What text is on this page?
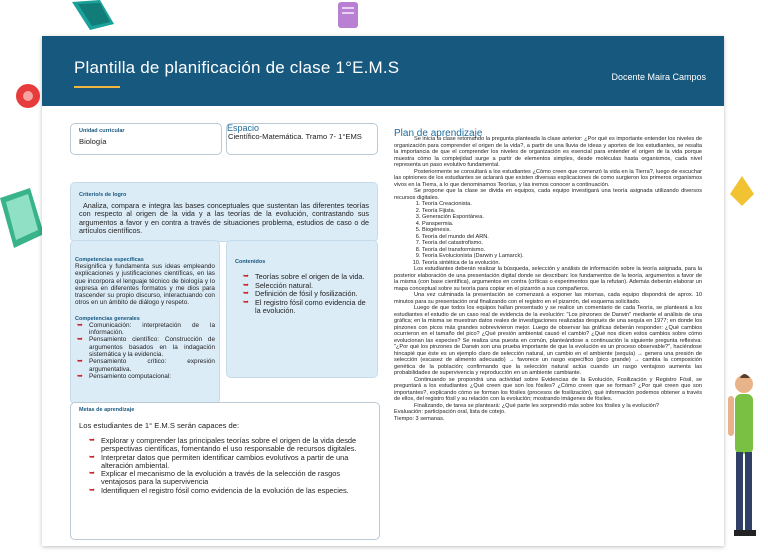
Plantilla de planificación de clase 1°E.M.S	Docente Maira Campos
Unidad curricular
Biología
Espacio
Científico-Matemática. Tramo 7- 1°EMS
Criterio/s de logro
Analiza, compara e integra las bases conceptuales que sustentan las diferentes teorías con respecto al origen de la vida y a las teorías de la evolución, contrastando sus argumentos a favor y en contra a través de situaciones problema, estudios de caso o de artículos científicos.
Competencias específicas
Resignifica y fundamenta sus ideas empleando explicaciones y justificaciones científicas, en las que incorpora el lenguaje técnico de biología y lo expresa en diferentes formatos y me dios para trascender su propio discurso, interactuando con otros en un ámbito de diálogo y respeto.
Competencias generales
➥ Comunicación: interpretación de la información.
➥ Pensamiento científico: Construcción de argumentos basados en la indagación sistemática y la evidencia.
➥ Pensamiento crítico: expresión argumentativa.
➥ Pensamiento computacional:
Contenidos
➥ Teorías sobre el origen de la vida.
➥ Selección natural.
➥ Definición de fósil y fosilización.
➥ El registro fósil como evidencia de la evolución.
Metas de aprendizaje
Los estudiantes de 1° E.M.S serán capaces de:
➥ Explorar y comprender las principales teorías sobre el origen de la vida desde perspectivas científicas, fomentando el uso responsable de recursos digitales.
➥ Interpretar datos que permiten identificar cambios evolutivos a partir de una alteración ambiental.
➥ Explicar el mecanismo de la evolución a través de la selección de rasgos ventajosos para la supervivencia
➥ Identifiquen el registro fósil como evidencia de la evolución de las especies.
Plan de aprendizaje

Se inicia la clase retomando la pregunta planteada la clase anterior: ¿Por qué es importante entender los niveles de organización para comprender el origen de la vida?, a partir de una lluvia de ideas y aportes de los estudiantes, se resalta la importancia de que el comprender los niveles de organización es esencial para entender el origen de la vida porque muestra cómo la complejidad surge a partir de elementos simples, desde moléculas hasta organismos, cada nivel representa un paso evolutivo fundamental.

Posteriormente se consultará a los estudiantes ¿Cómo creen que comenzó la vida en la Tierra?, luego de escuchar las opiniones de los estudiantes se aclarará que existen diversas explicaciones de como surgieron los primeros organismos vivos en la Tierra, a lo que denominamos Teorías, y las iremos conocer a continuación.

Se propone que la clase se divida en equipos, cada equipo investigará una teoría asignada utilizando diversos recursos digitales.

1. Teoría Creacionista.
2. Teoría Fijista.
3. Generación Espontánea.
4. Panspermia.
5. Biogénesis.
6. Teoría del mundo del ARN.
7. Teoría del catastrofismo.
8. Teoría del transformismo.
9. Teoría Evolucionista (Darwin y Lamarck).
10. Teoría sintética de la evolución.

Los estudiantes deberán realizar la búsqueda, selección y análisis de información sobre la teoría asignada, para la posterior elaboración de una presentación digital donde se describan: los fundamentos de la teoría, argumentos a favor de la misma (con base científica), argumentos en contra (críticas o experimentos que la refutan). Además deberán elaborar un mapa conceptual sobre su teoría para copiar en el pizarrón a sus compañeros.

Una vez culminada la presentación se comenzará a exponer las mismas, cada equipo dispondrá de aprox. 10 minutos para su presentación oral finalizando con el registro en el pizarrón, del esquema solicitado.

Luego de que todos los equipos hallan presentado y se realice un comentario de cada Teoría, se planteará a los estudiantes el estudio de un caso real de evidencia de la evolución: "Los pinzones de Darwin" mediante el análisis de una gráfica; en la misma se muestran datos reales de investigaciones realizadas después de una sequía en 1977; en donde los pinzones con picos más grandes sobrevivieron mejor. Luego de observar las gráficas deberán responder: ¿Qué cambios ocurrieron en el tamaño del pico? ¿Qué presión ambiental causó el cambio? ¿Qué nos dicen estos cambios sobre cómo evolucionan las especies? Se realiza una puesta en común, planteándose a continuación la siguiente pregunta reflexiva: "¿Por qué los pinzones de Darwin son una prueba importante de que la evolución es un proceso observable?", haciéndose hincapié que éste es un ejemplo claro de selección natural, un cambio en el ambiente (sequía) → genera una presión de selección (escasez de alimento adecuado) → favorece un rasgo específico (pico grande) → cambia la composición genética de la población; confirmando que la selección natural actúa cuando un rasgo ventajoso aumenta las probabilidades de supervivencia y reproducción en un ambiente cambiante.

Continuando se propondrá una actividad sobre Evidencias de la Evolución, Fosilización y Registro Fósil, se preguntará a los estudiantes ¿Qué creen que son los fósiles? ¿Cómo creen que se forman? ¿Por qué creen que son importantes?, explicando cómo se forman los fósiles (procesos de fosilización), qué información podemos obtener a través de ellos, del registro fósil y su relación con la evolución; mostrando imágenes de fósiles.

Finalizando, de tarea se planteará: ¿Qué parte les sorprendió más sobre los fósiles y la evolución?

Evaluación: participación oral, lista de cotejo.

Tiempo: 3 semanas.
